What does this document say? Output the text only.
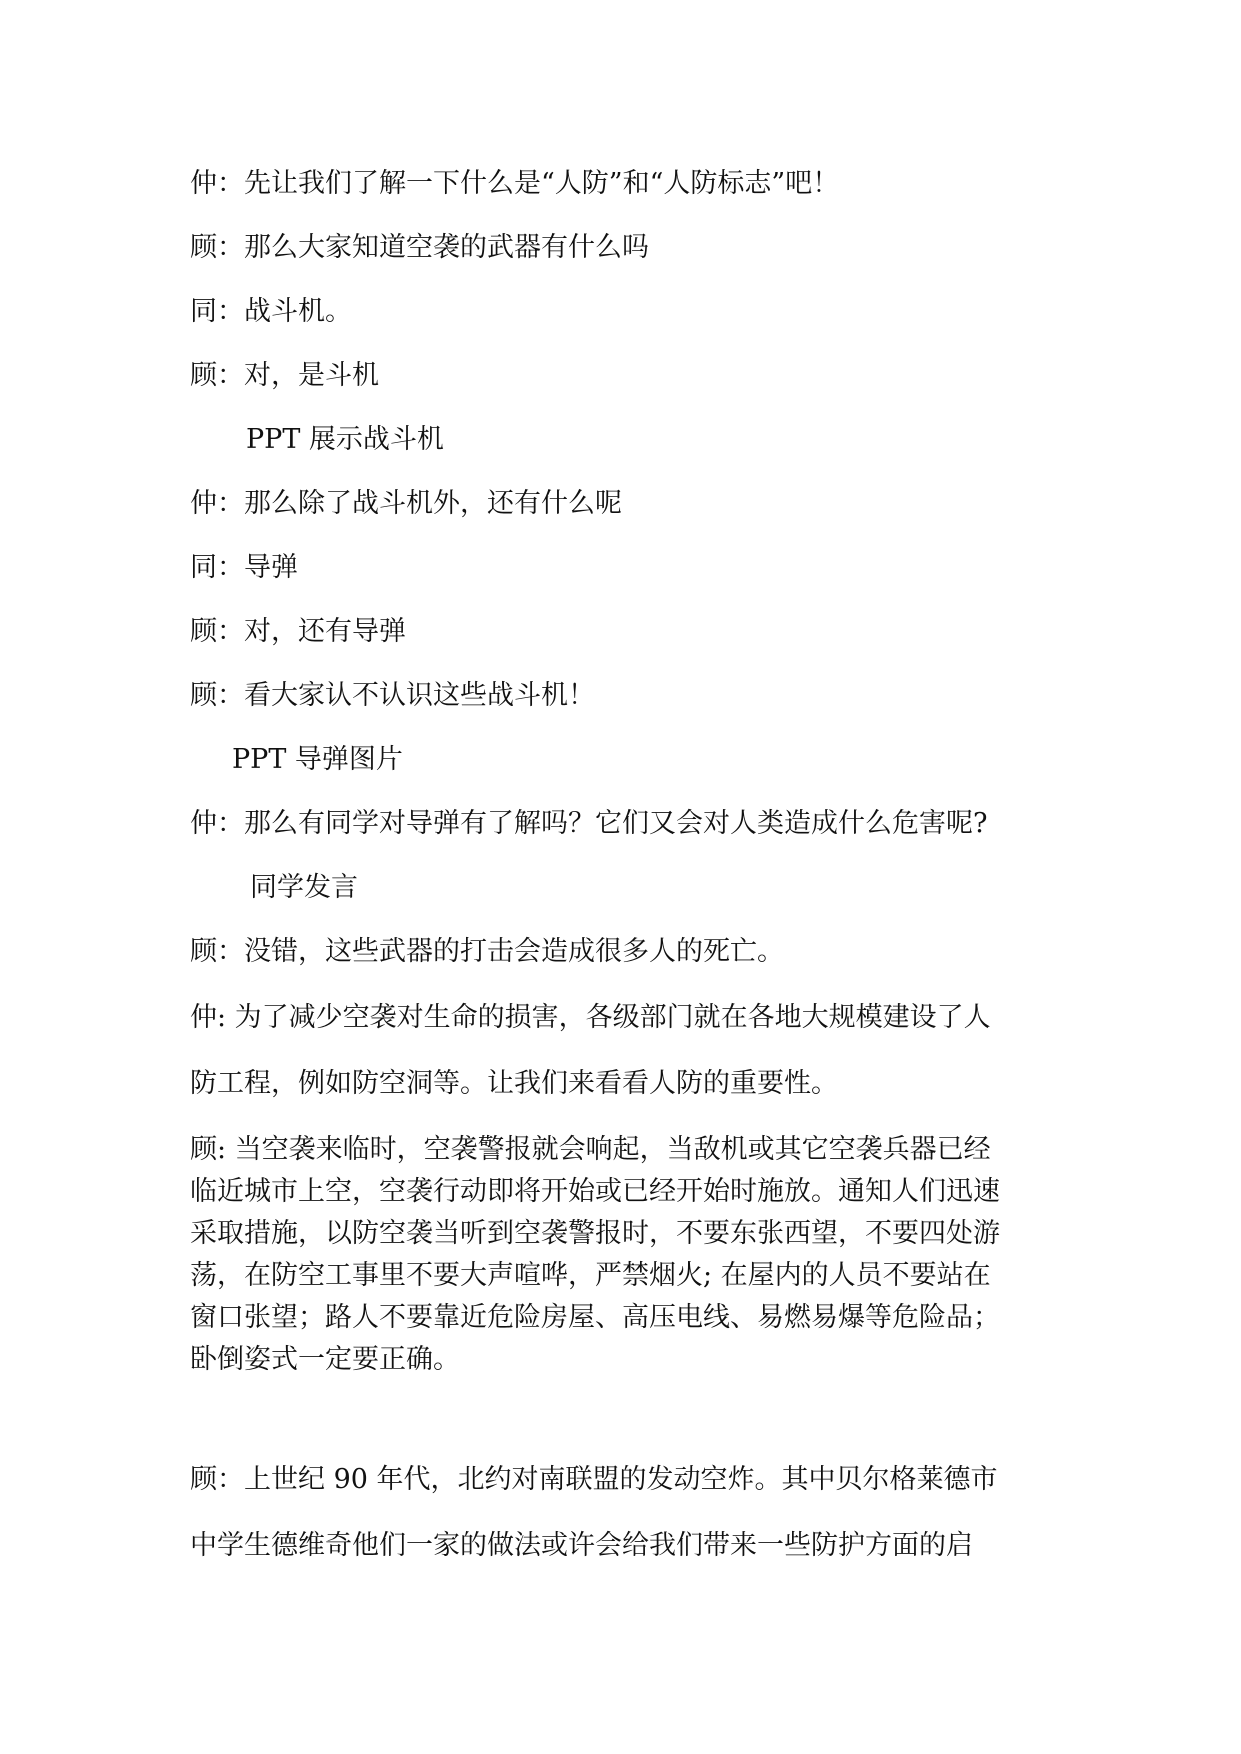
仲：先让我们了解一下什么是“人防”和“人防标志”吧！
顾：那么大家知道空袭的武器有什么吗
同：战斗机。
顾：对，是斗机
PPT 展示战斗机
仲：那么除了战斗机外，还有什么呢
同：导弹
顾：对，还有导弹
顾：看大家认不认识这些战斗机！
PPT 导弹图片
仲：那么有同学对导弹有了解吗？它们又会对人类造成什么危害呢?
同学发言
顾：没错，这些武器的打击会造成很多人的死亡。
仲: 为了减少空袭对生命的损害，各级部门就在各地大规模建设了人
防工程，例如防空洞等。让我们来看看人防的重要性。
顾: 当空袭来临时，空袭警报就会响起，当敌机或其它空袭兵器已经
临近城市上空，空袭行动即将开始或已经开始时施放。通知人们迅速
采取措施，以防空袭当听到空袭警报时，不要东张西望，不要四处游
荡，在防空工事里不要大声喧哗，严禁烟火; 在屋内的人员不要站在
窗口张望；路人不要靠近危险房屋、高压电线、易燃易爆等危险品；
卧倒姿式一定要正确。
顾：上世纪 90 年代，北约对南联盟的发动空炸。其中贝尔格莱德市
中学生德维奇他们一家的做法或许会给我们带来一些防护方面的启
